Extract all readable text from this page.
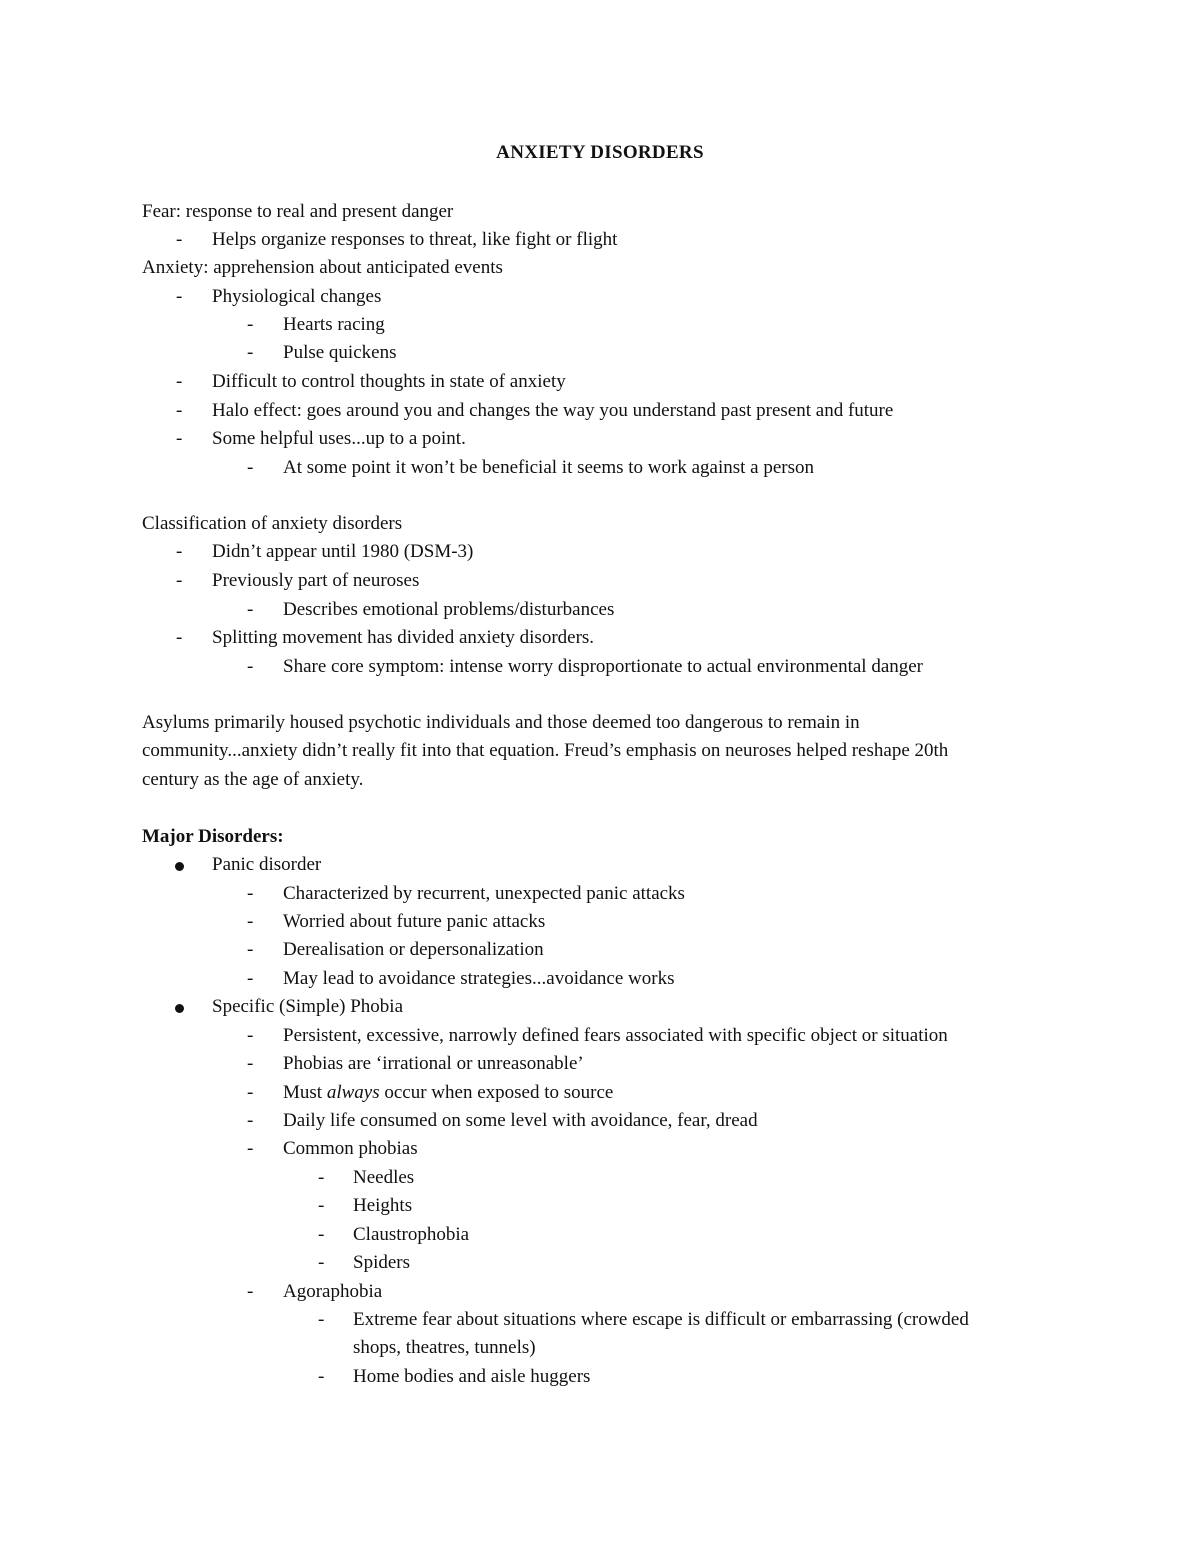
ANXIETY DISORDERS
Fear: response to real and present danger
- Helps organize responses to threat, like fight or flight
Anxiety: apprehension about anticipated events
- Physiological changes
- Hearts racing
- Pulse quickens
- Difficult to control thoughts in state of anxiety
- Halo effect: goes around you and changes the way you understand past present and future
- Some helpful uses...up to a point.
- At some point it won’t be beneficial it seems to work against a person
Classification of anxiety disorders
- Didn’t appear until 1980 (DSM-3)
- Previously part of neuroses
- Describes emotional problems/disturbances
- Splitting movement has divided anxiety disorders.
- Share core symptom: intense worry disproportionate to actual environmental danger
Asylums primarily housed psychotic individuals and those deemed too dangerous to remain in
community...anxiety didn’t really fit into that equation. Freud’s emphasis on neuroses helped reshape 20th
century as the age of anxiety.
Major Disorders:
Panic disorder
- Characterized by recurrent, unexpected panic attacks
- Worried about future panic attacks
- Derealisation or depersonalization
- May lead to avoidance strategies...avoidance works
Specific (Simple) Phobia
- Persistent, excessive, narrowly defined fears associated with specific object or situation
- Phobias are ‘irrational or unreasonable’
- Must always occur when exposed to source
- Daily life consumed on some level with avoidance, fear, dread
- Common phobias
- Needles
- Heights
- Claustrophobia
- Spiders
- Agoraphobia
- Extreme fear about situations where escape is difficult or embarrassing (crowded
shops, theatres, tunnels)
- Home bodies and aisle huggers
